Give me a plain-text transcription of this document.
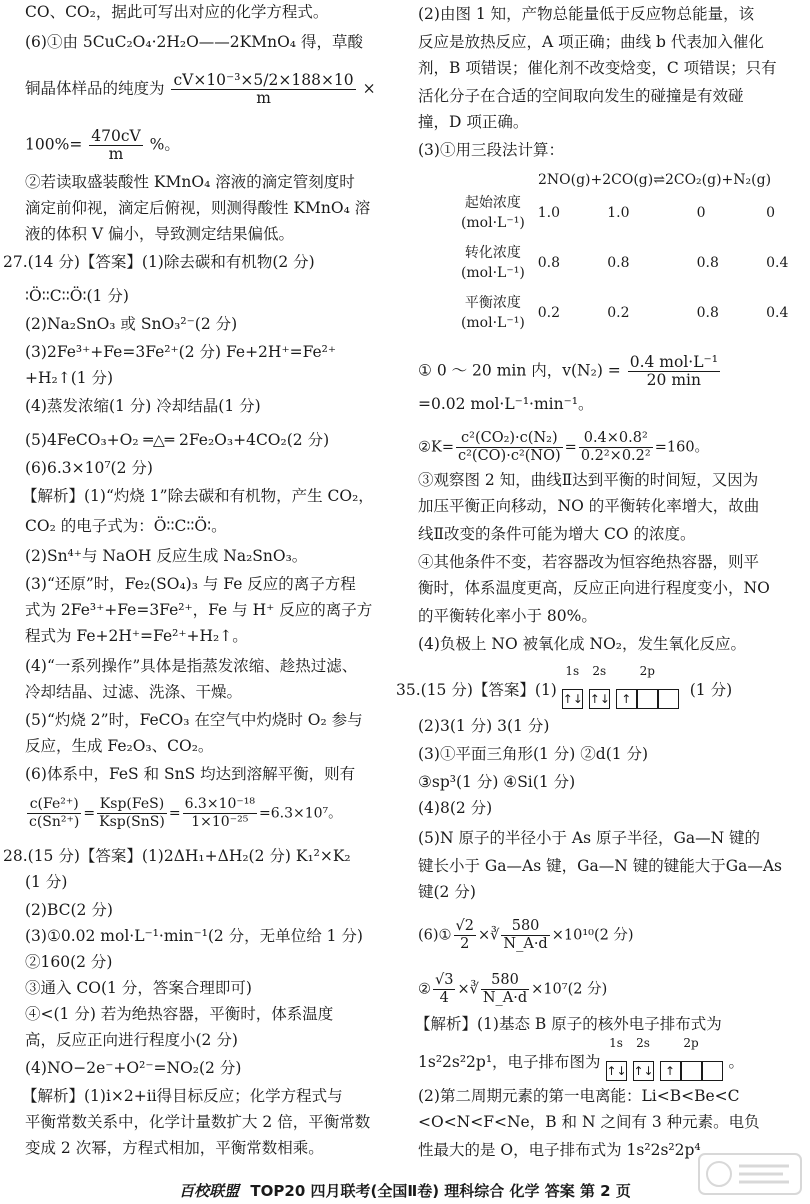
CO、CO₂，据此可写出对应的化学方程式。
(6)①由 5CuC₂O₄·2H₂O——2KMnO₄ 得，草酸
铜晶体样品的纯度为 $\frac{\text{cV×10⁻³×5/2×188×10}}{m}$ ×
$100\%= \frac{470cV}{m}$ %。
②若读取盛装酸性 KMnO₄ 溶液的滴定管刻度时
滴定前仰视，滴定后俯视，则测得酸性 KMnO₄ 溶
液的体积 V 偏小，导致测定结果偏低。
27.(14 分)【答案】(1)除去碳和有机物(2 分)
∶Ö∶∶C∶∶Ö∶(1 分)
(2)Na₂SnO₃ 或 SnO₃²⁻(2 分)
(3)2Fe³⁺+Fe=3Fe²⁺(2 分) Fe+2H⁺=Fe²⁺
+H₂↑(1 分)
(4)蒸发浓缩(1 分) 冷却结晶(1 分)
(5)4FeCO₃+O₂ ═△═ 2Fe₂O₃+4CO₂(2 分)
(6)6.3×10⁷(2 分)
【解析】(1)“灼烧 1”除去碳和有机物，产生 CO₂，
CO₂ 的电子式为：Ö∶∶C∶∶Ö∶。
(2)Sn⁴⁺与 NaOH 反应生成 Na₂SnO₃。
(3)“还原”时，Fe₂(SO₄)₃ 与 Fe 反应的离子方程
式为 2Fe³⁺+Fe=3Fe²⁺，Fe 与 H⁺ 反应的离子方
程式为 Fe+2H⁺=Fe²⁺+H₂↑。
(4)“一系列操作”具体是指蒸发浓缩、趁热过滤、
冷却结晶、过滤、洗涤、干燥。
(5)“灼烧 2”时，FeCO₃ 在空气中灼烧时 O₂ 参与
反应，生成 Fe₂O₃、CO₂。
(6)体系中，FeS 和 SnS 均达到溶解平衡，则有
$\frac{\text{c(Fe²⁺)}}{\text{c(Sn²⁺)}} = \frac{\text{Ksp(FeS)}}{\text{Ksp(SnS)}} = \frac{\text{6.3×10⁻¹⁸}}{\text{1×10⁻²⁵}} =6.3\times 10^7$。
28.(15 分)【答案】(1)2ΔH₁+ΔH₂(2 分) K₁²×K₂
(1 分)
(2)BC(2 分)
(3)①0.02 mol·L⁻¹·min⁻¹(2 分，无单位给 1 分)
②160(2 分)
③通入 CO(1 分，答案合理即可)
④<(1 分) 若为绝热容器，平衡时，体系温度
高，反应正向进行程度小(2 分)
(4)NO−2e⁻+O²⁻=NO₂(2 分)
【解析】(1)ⅰ×2+ⅱ得目标反应；化学方程式与
平衡常数关系中，化学计量数扩大 2 倍，平衡常数
变成 2 次幂，方程式相加，平衡常数相乘。
(2)由图 1 知，产物总能量低于反应物总能量，该
反应是放热反应，A 项正确；曲线 b 代表加入催化
剂，B 项错误；催化剂不改变焓变，C 项错误；只有
活化分子在合适的空间取向发生的碰撞是有效碰
撞，D 项正确。
(3)①用三段法计算：
2NO(g)+2CO(g)⇌2CO₂(g)+N₂(g)
起始浓度
(mol·L⁻¹)	1.0	1.0	0	0

转化浓度
(mol·L⁻¹)	0.8	0.8	0.8	0.4

平衡浓度
(mol·L⁻¹)	0.2	0.2	0.8	0.4
① 0 ～ 20 min 内，$v(N_2) = \frac{\text{0.4 mol·L⁻¹}}{20 \min}$
=0.02 mol·L⁻¹·min⁻¹。
②K= $\frac{\text{c²(CO₂)·c(N₂)}}{\text{c²(CO)·c²(NO)}} = \frac{\text{0.4×0.8²}}{\text{0.2²×0.2²}} =160$。
③观察图 2 知，曲线Ⅱ达到平衡的时间短，又因为
加压平衡正向移动，NO 的平衡转化率增大，故曲
线Ⅱ改变的条件可能为增大 CO 的浓度。
④其他条件不变，若容器改为恒容绝热容器，则平
衡时，体系温度更高，反应正向进行程度变小，NO
的平衡转化率小于 80%。
(4)负极上 NO 被氧化成 NO₂，发生氧化反应。
35.(15 分)【答案】(1)
1s
↑↓
2s
↑↓
2p
↑	(1 分)
(2)3(1 分) 3(1 分)
(3)①平面三角形(1 分) ②d(1 分)
③sp³(1 分) ④Si(1 分)
(4)8(2 分)
(5)N 原子的半径小于 As 原子半径，Ga—N 键的
键长小于 Ga—As 键，Ga—N 键的键能大于Ga—As
键(2 分)
(6)① $\frac{√2}{2}$ ×∛ $\frac{580}{N\_A\cdot d} \times 10^{10}(2$ 分)
② $\frac{√3}{4}$ ×∛ $\frac{580}{N\_A\cdot d} \times 10^7(2$ 分)
【解析】(1)基态 B 原子的核外电子排布式为
1s²2s²2p¹，电子排布图为
1s
↑↓
2s
↑↓
2p
↑	。
(2)第二周期元素的第一电离能：Li<B<Be<C
<O<N<F<Ne，B 和 N 之间有 3 种元素。电负
性最大的是 O，电子排布式为 1s²2s²2p⁴
百校联盟 TOP20 四月联考(全国Ⅱ卷) 理科综合 化学 答案 第 2 页
